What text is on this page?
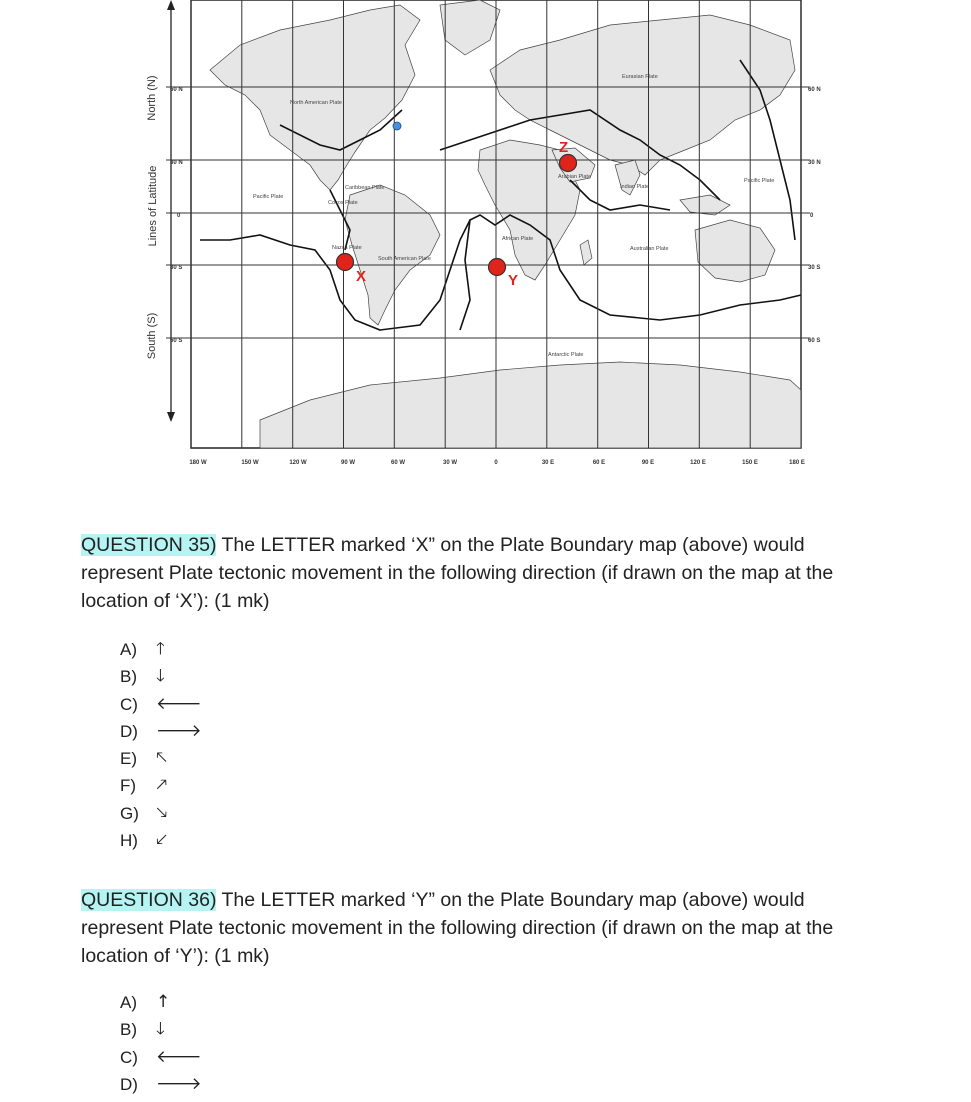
North (N)
Lines of Latitude
South (S)
60 N
30 N
0
30 S
60 S
60 N
30 N
0
30 S
60 S
180 W	150 W	120 W	90 W	60 W	30 W	0	30 E	60 E	90 E	120 E	150 E	180 E
North American Plate
Pacific Plate
Caribbean Plate
Cocos Plate
Nazca Plate
South American Plate
African Plate
Arabian Plate
Indian Plate
Eurasian Plate
Australian Plate
Pacific Plate
Antarctic Plate
X	Y
Z
QUESTION 35) The LETTER marked ‘X” on the Plate Boundary map (above) would represent Plate tectonic movement in the following direction (if drawn on the map at the location of ‘X’): (1 mk)
A)	🡑
B)	🡓
C)	🡐
D)	🡒
E)	🡔
F)	🡕
G)	🡖
H)	🡗
QUESTION 36) The LETTER marked ‘Y” on the Plate Boundary map (above) would represent Plate tectonic movement in the following direction (if drawn on the map at the location of ‘Y’): (1 mk)
A)	↑
B)	🡓
C)	🡐
D)	🡒
